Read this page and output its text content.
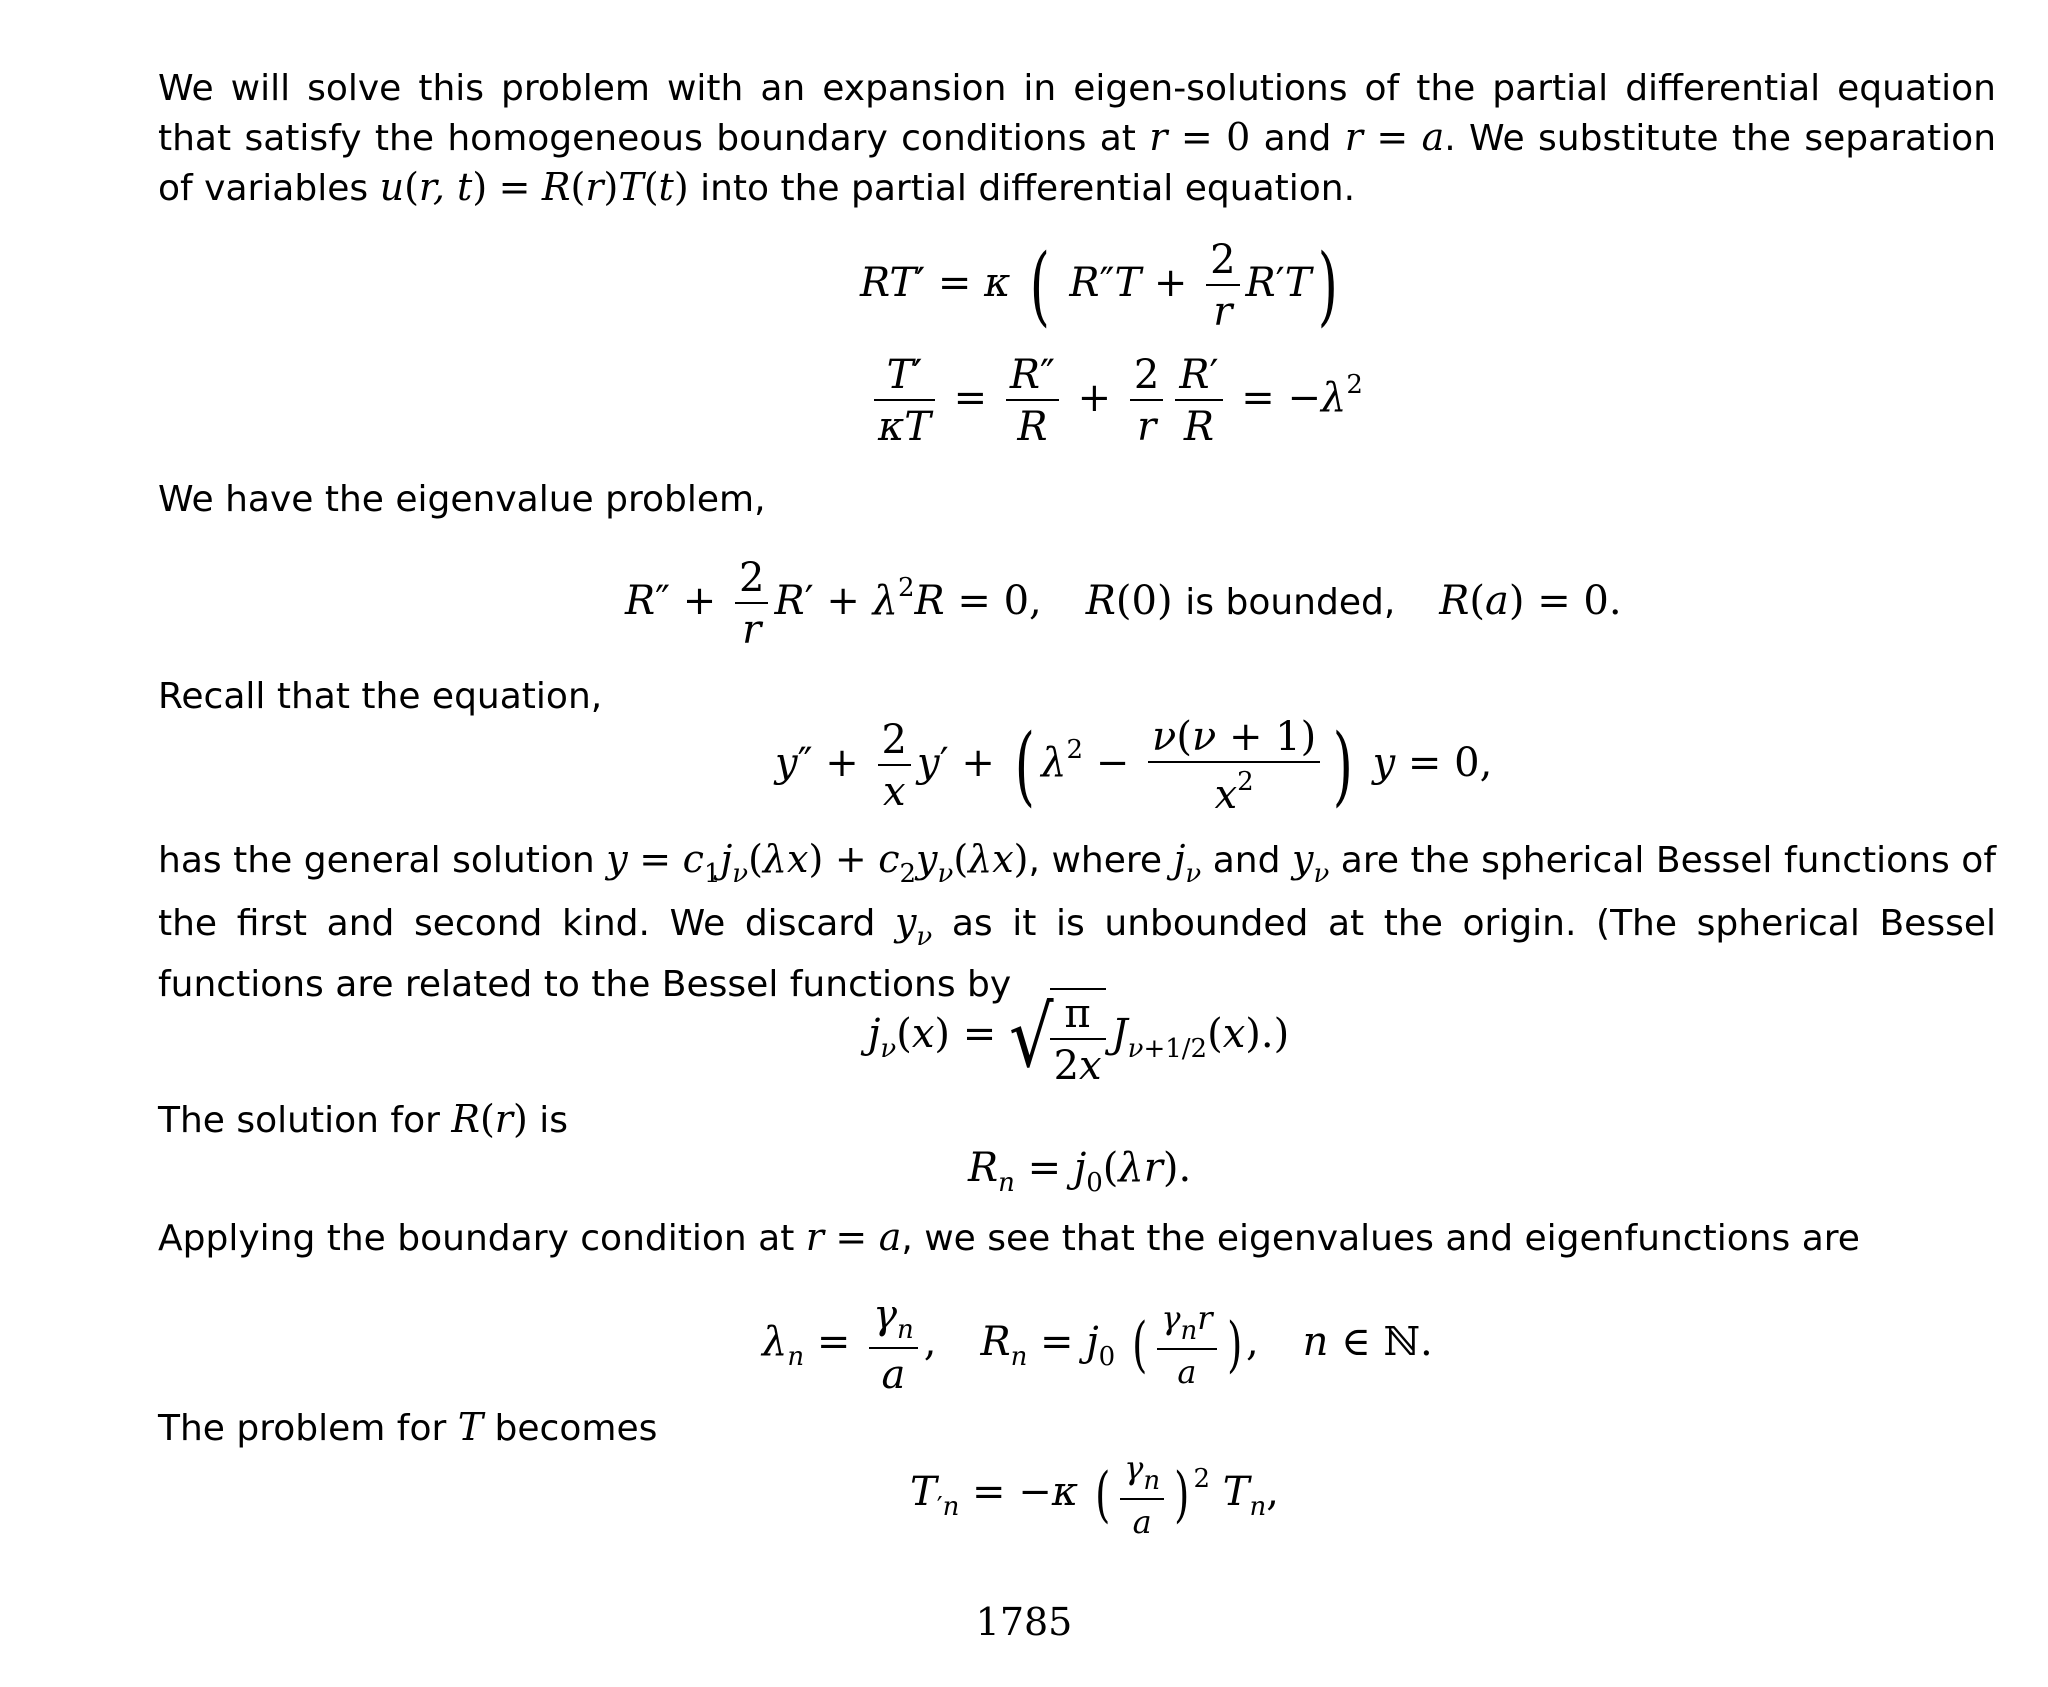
We will solve this problem with an expansion in eigen-solutions of the partial differential equation that satisfy the homogeneous boundary conditions at r = 0 and r = a. We substitute the separation of variables u(r, t) = R(r)T(t) into the partial differential equation.
RT′ = κ ( $R''T + \frac{2}{r} R'T$)
$\frac{T'}{\kappa T} = \frac{R''}{R} + \frac{2}{r} \frac{R'}{R} = -\lambda^2$
We have the eigenvalue problem,
$R'' + \frac{2}{r} R' + \lambda^2R = 0$, R(0) is bounded, R(a) = 0.
Recall that the equation,
$y'' + \frac{2}{x} y'$ + ( $\lambda^2 - \frac{\nu(\nu + 1)}{x^2}$ ) y = 0,
has the general solution $y = c_1j_\nu(\lambda x) + c_2y_\nu(\lambda x)$, where $j_\nu$ and $y_\nu$ are the spherical Bessel functions of the first and second kind. We discard $y_\nu$ as it is unbounded at the origin. (The spherical Bessel functions are related to the Bessel functions by
$j_\nu(x)$ = √
$\frac{\pi}{2x} J_{\nu+1/2}(x)$.)
The solution for R(r) is
$R_n = j_0(\lambda r)$.
Applying the boundary condition at r = a, we see that the eigenvalues and eigenfunctions are
$\lambda_n = \frac{\gamma_n}{a}$ , $R_n = j_0$ ( $\frac{\gamma_nr}{a}$ ) , n ∈ ℕ.
The problem for T becomes
$T_{'n} = -\kappa$ ( $\frac{\gamma_n}{a}$ ) $^2$ $T_n$,
1785
